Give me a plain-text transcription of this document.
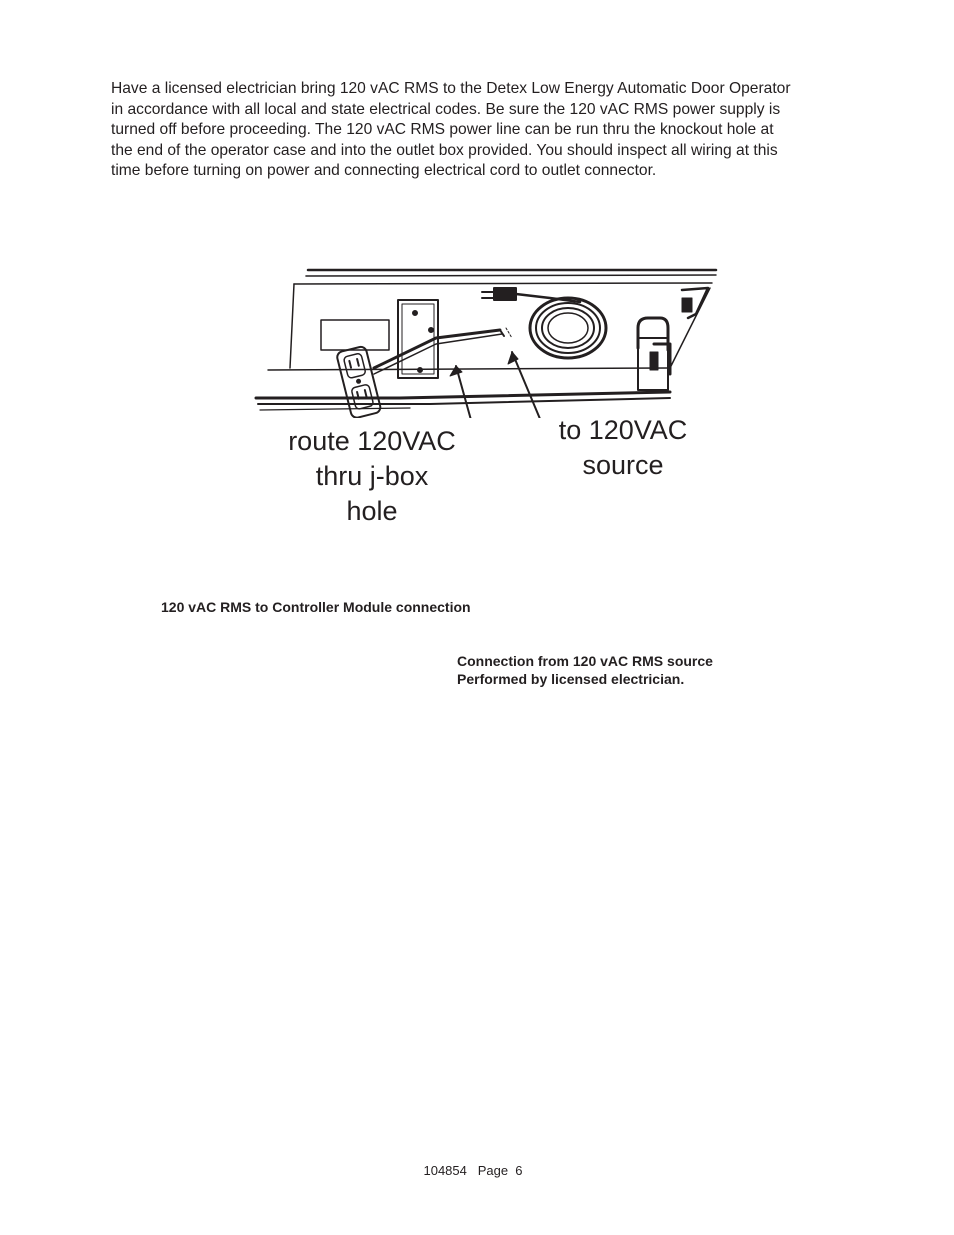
Have a licensed electrician bring 120 vAC RMS to the Detex Low Energy Automatic Door Operator
in accordance with all local and state electrical codes. Be sure the 120 vAC RMS power supply is
turned off before proceeding. The 120 vAC RMS power line can be run thru the knockout hole at
the end of the operator case and into the outlet box provided. You should inspect all wiring at this
time before turning on power and connecting electrical cord to outlet connector.
route 120VAC
thru j-box
hole
to 120VAC
source

120 vAC RMS to Controller Module connection

Connection from 120 vAC RMS source
Performed by licensed electrician.

104854   Page  6
